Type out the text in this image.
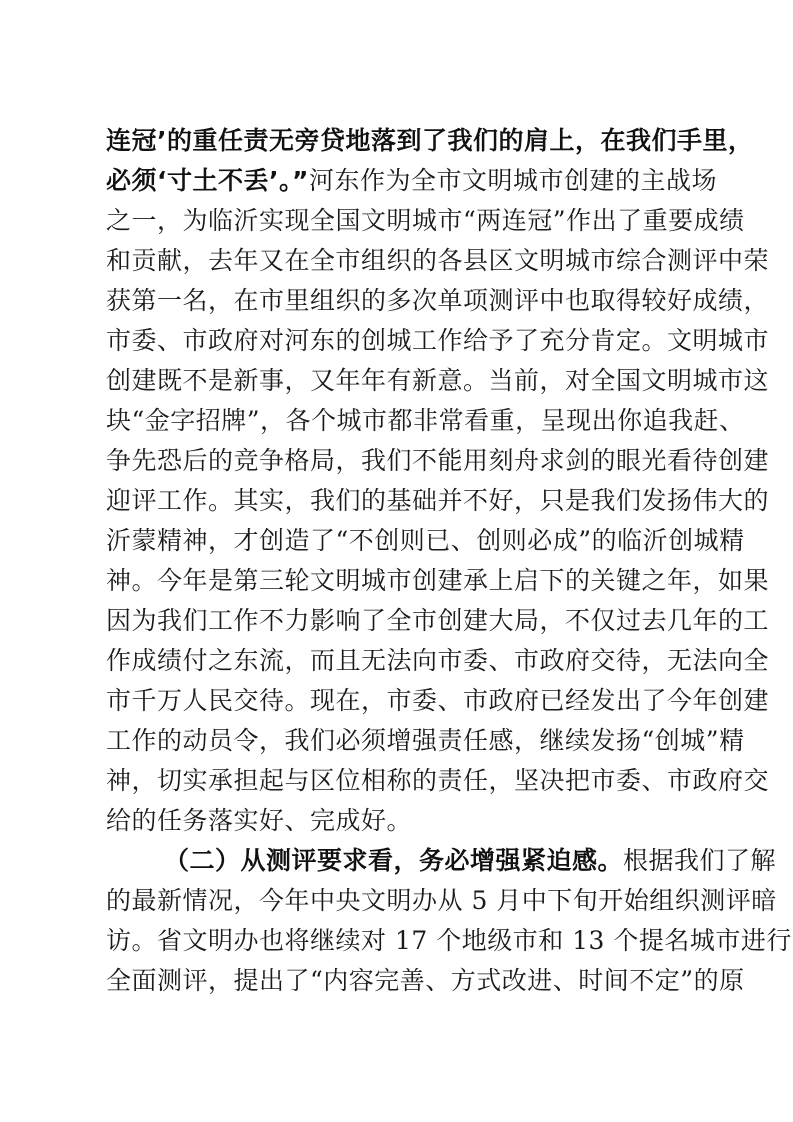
连冠’的重任责无旁贷地落到了我们的肩上，在我们手里，
必须‘寸土不丢’。”河东作为全市文明城市创建的主战场
之一，为临沂实现全国文明城市“两连冠”作出了重要成绩
和贡献，去年又在全市组织的各县区文明城市综合测评中荣
获第一名，在市里组织的多次单项测评中也取得较好成绩，
市委、市政府对河东的创城工作给予了充分肯定。文明城市
创建既不是新事，又年年有新意。当前，对全国文明城市这
块“金字招牌”，各个城市都非常看重，呈现出你追我赶、
争先恐后的竞争格局，我们不能用刻舟求剑的眼光看待创建
迎评工作。其实，我们的基础并不好，只是我们发扬伟大的
沂蒙精神，才创造了“不创则已、创则必成”的临沂创城精
神。今年是第三轮文明城市创建承上启下的关键之年，如果
因为我们工作不力影响了全市创建大局，不仅过去几年的工
作成绩付之东流，而且无法向市委、市政府交待，无法向全
市千万人民交待。现在，市委、市政府已经发出了今年创建
工作的动员令，我们必须增强责任感，继续发扬“创城”精
神，切实承担起与区位相称的责任，坚决把市委、市政府交
给的任务落实好、完成好。
（二）从测评要求看，务必增强紧迫感。根据我们了解
的最新情况，今年中央文明办从 5 月中下旬开始组织测评暗
访。省文明办也将继续对 17 个地级市和 13 个提名城市进行
全面测评，提出了“内容完善、方式改进、时间不定”的原
